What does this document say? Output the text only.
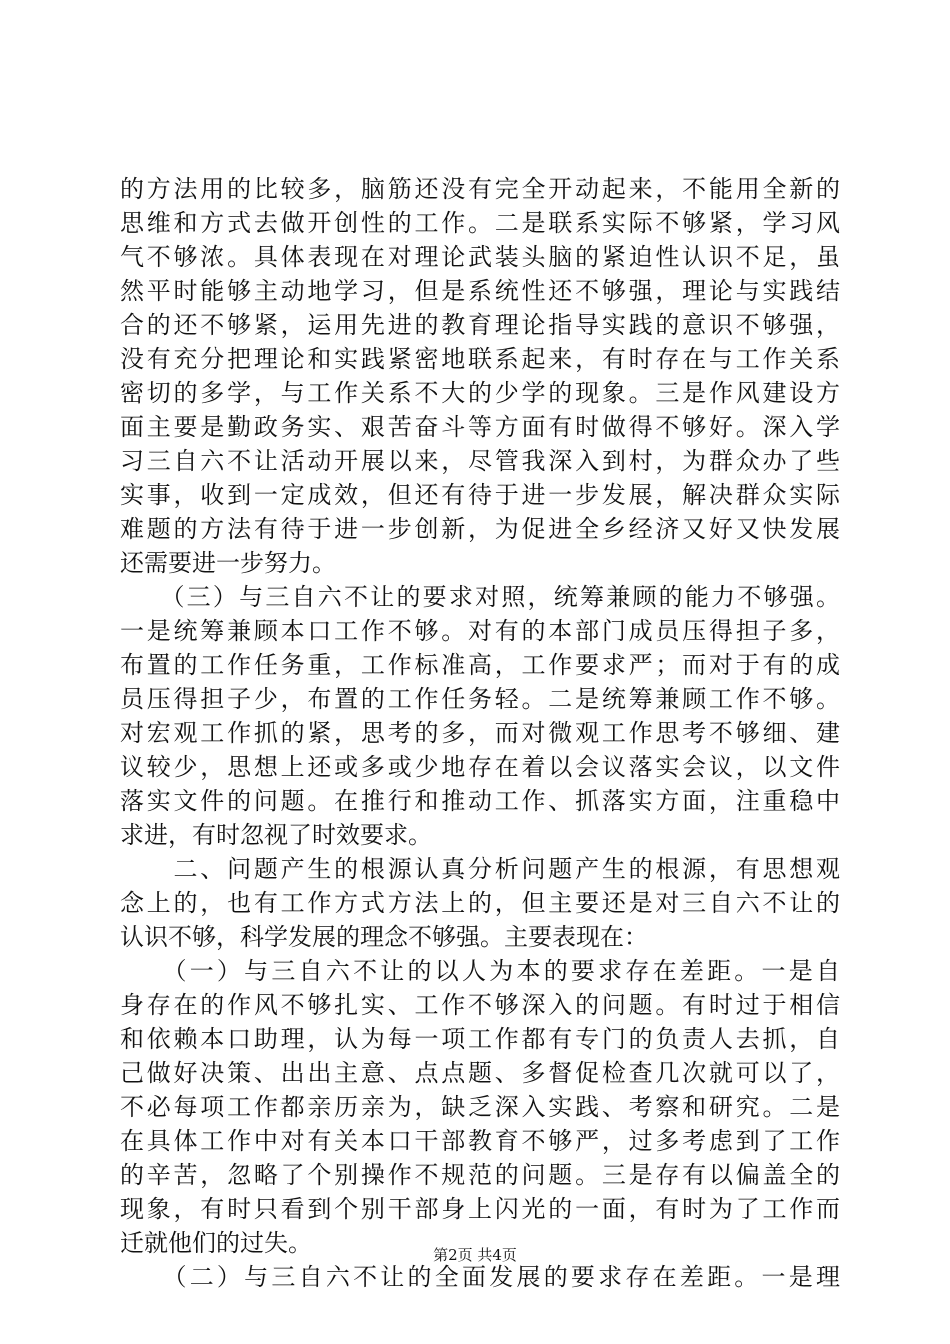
的方法用的比较多，脑筋还没有完全开动起来，不能用全新的
思维和方式去做开创性的工作。二是联系实际不够紧，学习风
气不够浓。具体表现在对理论武装头脑的紧迫性认识不足，虽
然平时能够主动地学习，但是系统性还不够强，理论与实践结
合的还不够紧，运用先进的教育理论指导实践的意识不够强，
没有充分把理论和实践紧密地联系起来，有时存在与工作关系
密切的多学，与工作关系不大的少学的现象。三是作风建设方
面主要是勤政务实、艰苦奋斗等方面有时做得不够好。深入学
习三自六不让活动开展以来，尽管我深入到村，为群众办了些
实事，收到一定成效，但还有待于进一步发展，解决群众实际
难题的方法有待于进一步创新，为促进全乡经济又好又快发展
还需要进一步努力。
　　（三）与三自六不让的要求对照，统筹兼顾的能力不够强。
一是统筹兼顾本口工作不够。对有的本部门成员压得担子多，
布置的工作任务重，工作标准高，工作要求严；而对于有的成
员压得担子少，布置的工作任务轻。二是统筹兼顾工作不够。
对宏观工作抓的紧，思考的多，而对微观工作思考不够细、建
议较少，思想上还或多或少地存在着以会议落实会议，以文件
落实文件的问题。在推行和推动工作、抓落实方面，注重稳中
求进，有时忽视了时效要求。
　　二、问题产生的根源认真分析问题产生的根源，有思想观
念上的，也有工作方式方法上的，但主要还是对三自六不让的
认识不够，科学发展的理念不够强。主要表现在：
　　（一）与三自六不让的以人为本的要求存在差距。一是自
身存在的作风不够扎实、工作不够深入的问题。有时过于相信
和依赖本口助理，认为每一项工作都有专门的负责人去抓，自
己做好决策、出出主意、点点题、多督促检查几次就可以了，
不必每项工作都亲历亲为，缺乏深入实践、考察和研究。二是
在具体工作中对有关本口干部教育不够严，过多考虑到了工作
的辛苦，忽略了个别操作不规范的问题。三是存有以偏盖全的
现象，有时只看到个别干部身上闪光的一面，有时为了工作而
迁就他们的过失。
　　（二）与三自六不让的全面发展的要求存在差距。一是理
第2页 共4页
